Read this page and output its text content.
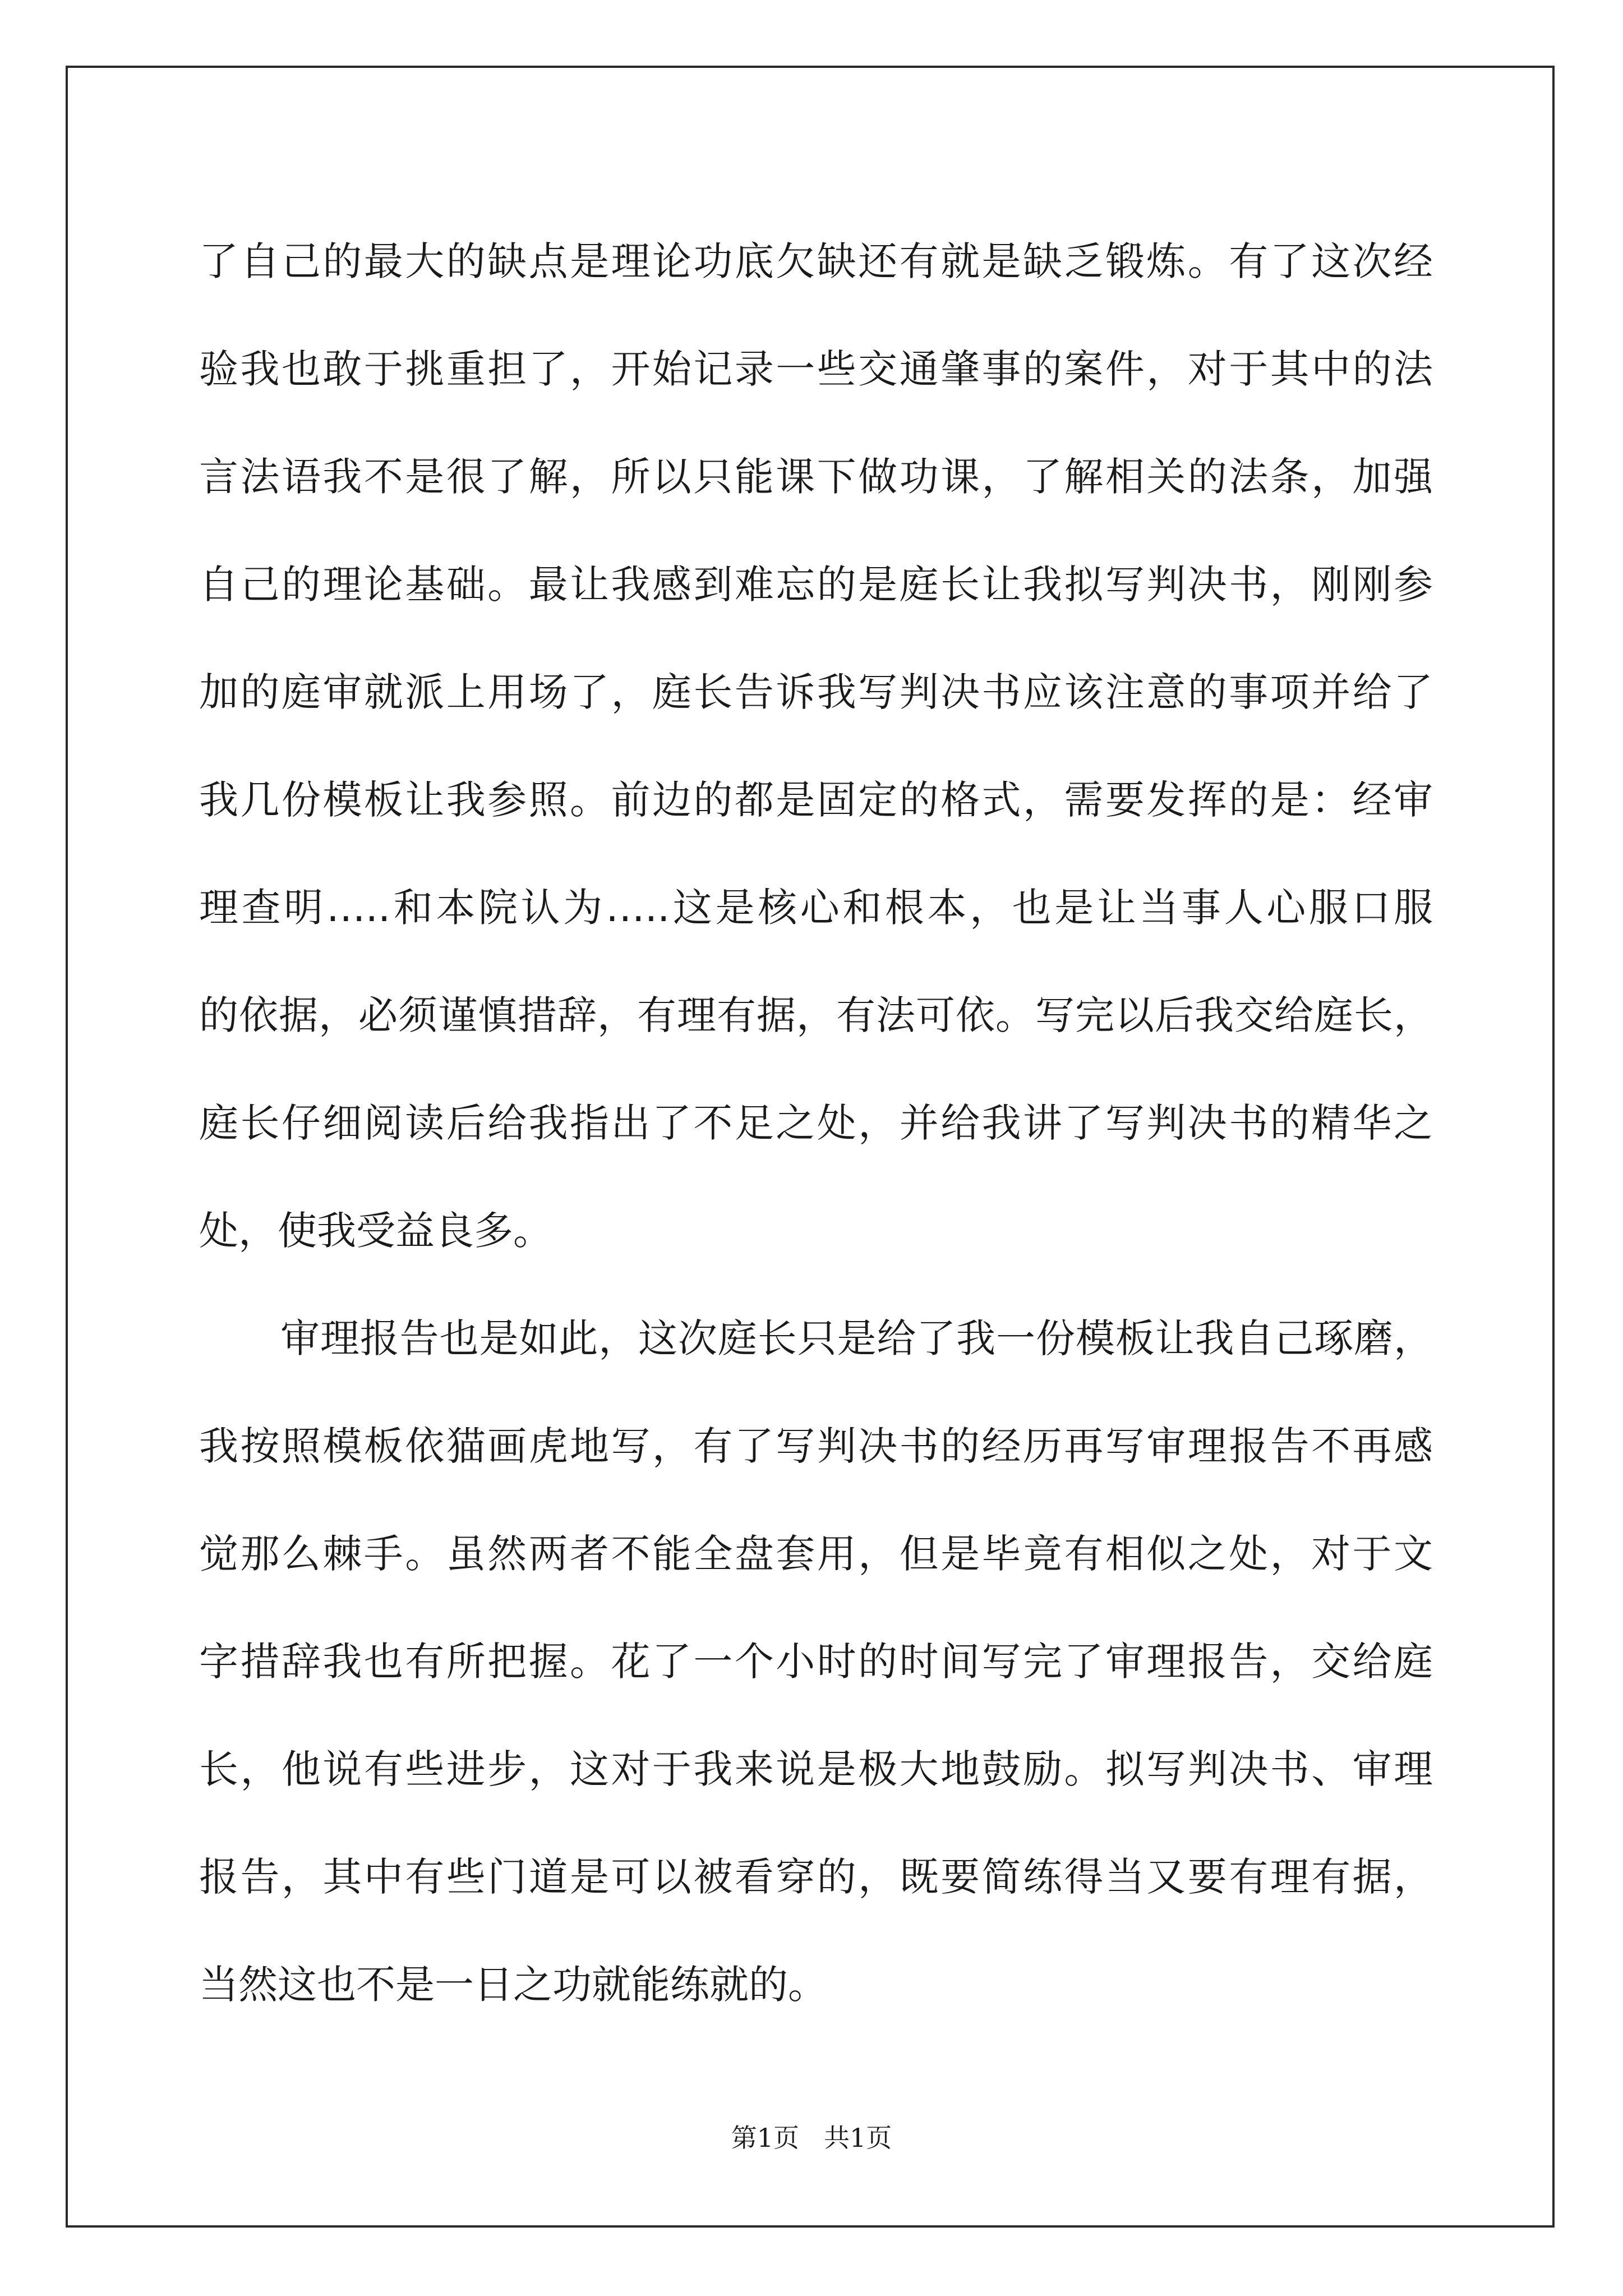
了自己的最大的缺点是理论功底欠缺还有就是缺乏锻炼。有了这次经
验我也敢于挑重担了，开始记录一些交通肇事的案件，对于其中的法
言法语我不是很了解，所以只能课下做功课，了解相关的法条，加强
自己的理论基础。最让我感到难忘的是庭长让我拟写判决书，刚刚参
加的庭审就派上用场了，庭长告诉我写判决书应该注意的事项并给了
我几份模板让我参照。前边的都是固定的格式，需要发挥的是：经审
理查明…..和本院认为…..这是核心和根本，也是让当事人心服口服
的依据，必须谨慎措辞，有理有据，有法可依。写完以后我交给庭长，
庭长仔细阅读后给我指出了不足之处，并给我讲了写判决书的精华之
处，使我受益良多。
审理报告也是如此，这次庭长只是给了我一份模板让我自己琢磨，
我按照模板依猫画虎地写，有了写判决书的经历再写审理报告不再感
觉那么棘手。虽然两者不能全盘套用，但是毕竟有相似之处，对于文
字措辞我也有所把握。花了一个小时的时间写完了审理报告，交给庭
长，他说有些进步，这对于我来说是极大地鼓励。拟写判决书、审理
报告，其中有些门道是可以被看穿的，既要简练得当又要有理有据，
当然这也不是一日之功就能练就的。
第1页 共1页
